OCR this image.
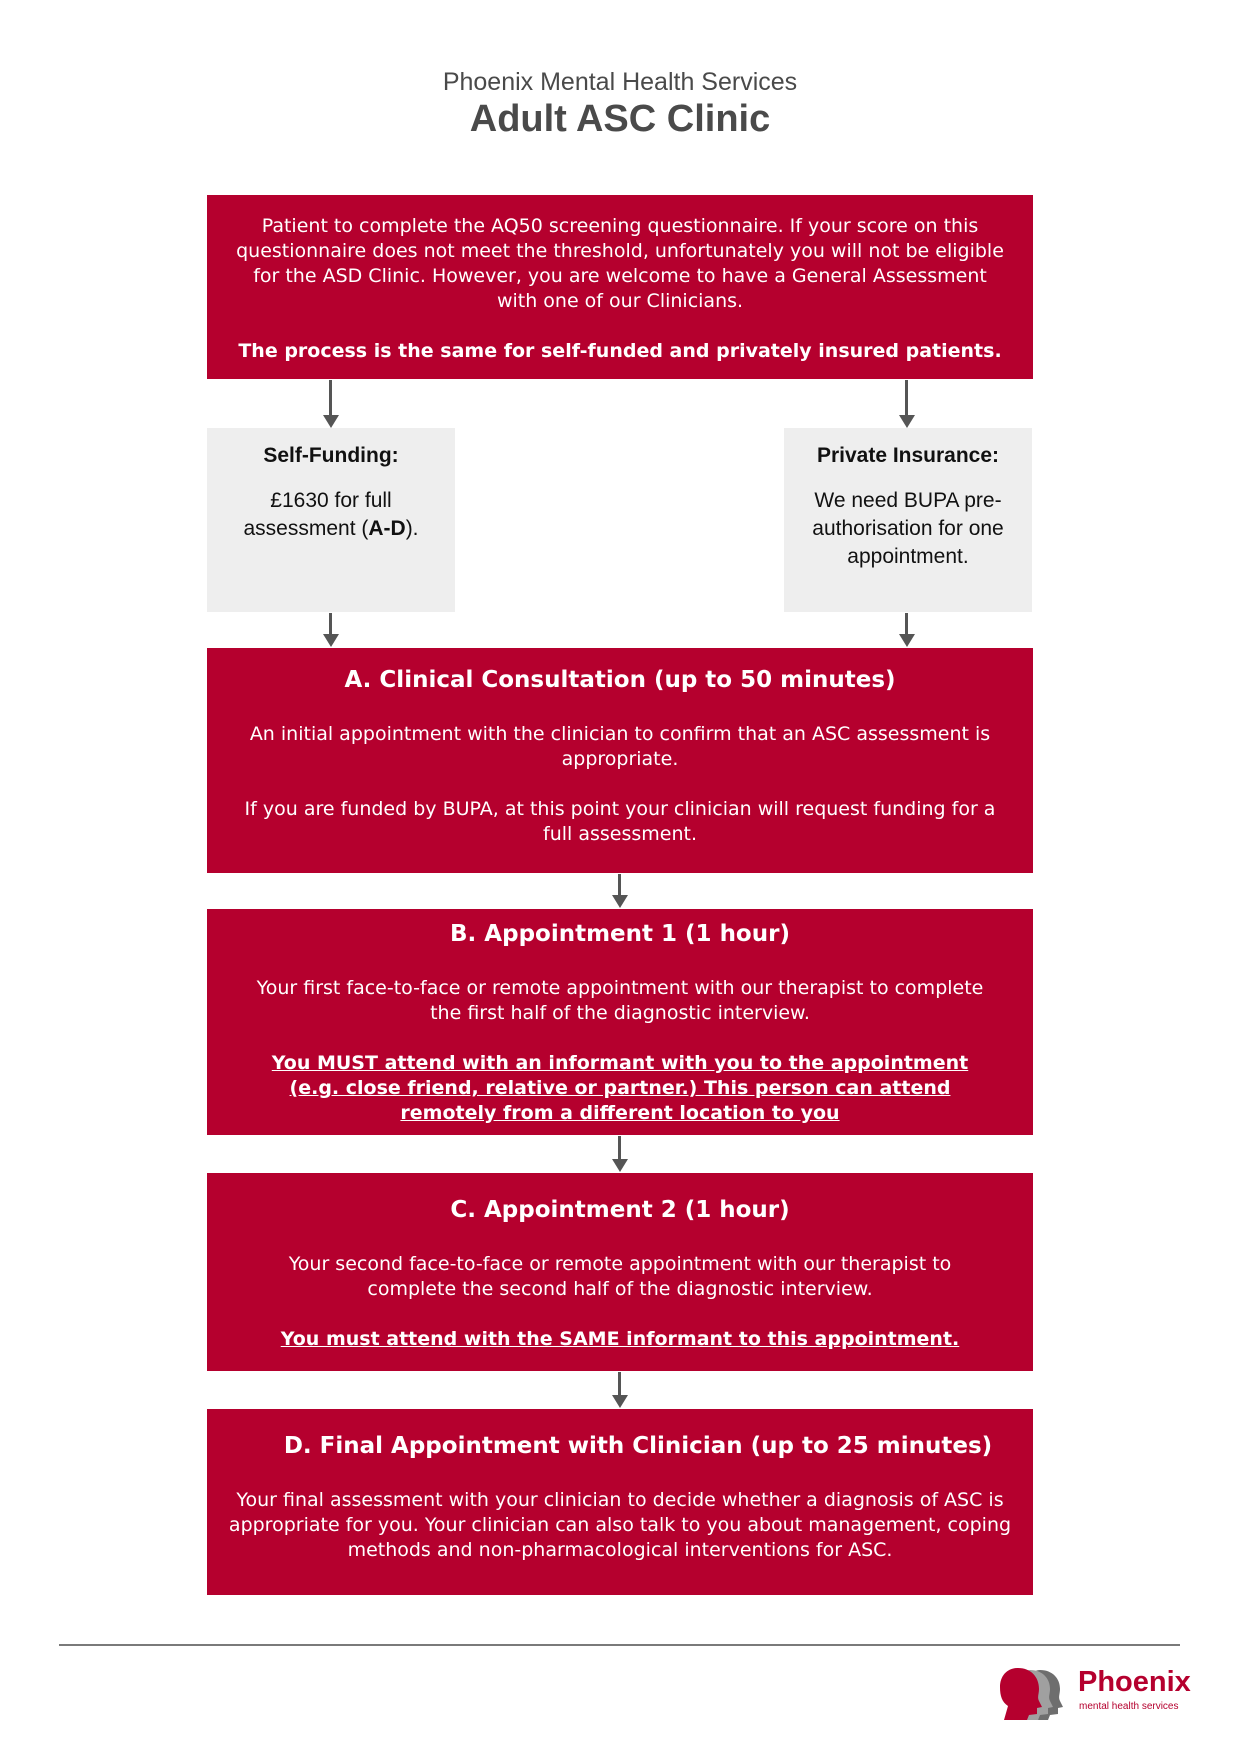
Phoenix Mental Health Services
Adult ASC Clinic

Patient to complete the AQ50 screening questionnaire. If your score on this questionnaire does not meet the threshold, unfortunately you will not be eligible for the ASD Clinic. However, you are welcome to have a General Assessment with one of our Clinicians.

The process is the same for self-funded and privately insured patients.

Self-Funding:

£1630 for full assessment (A-D).

Private Insurance:

We need BUPA pre- authorisation for one appointment.

A. Clinical Consultation (up to 50 minutes)

An initial appointment with the clinician to confirm that an ASC assessment is appropriate.

If you are funded by BUPA, at this point your clinician will request funding for a full assessment.

B. Appointment 1 (1 hour)

Your first face-to-face or remote appointment with our therapist to complete the first half of the diagnostic interview.

You MUST attend with an informant with you to the appointment (e.g. close friend, relative or partner.) This person can attend remotely from a different location to you

C. Appointment 2 (1 hour)

Your second face-to-face or remote appointment with our therapist to complete the second half of the diagnostic interview.

You must attend with the SAME informant to this appointment.

D. Final Appointment with Clinician (up to 25 minutes)

Your final assessment with your clinician to decide whether a diagnosis of ASC is appropriate for you. Your clinician can also talk to you about management, coping methods and non-pharmacological interventions for ASC.

Phoenix
mental health services
